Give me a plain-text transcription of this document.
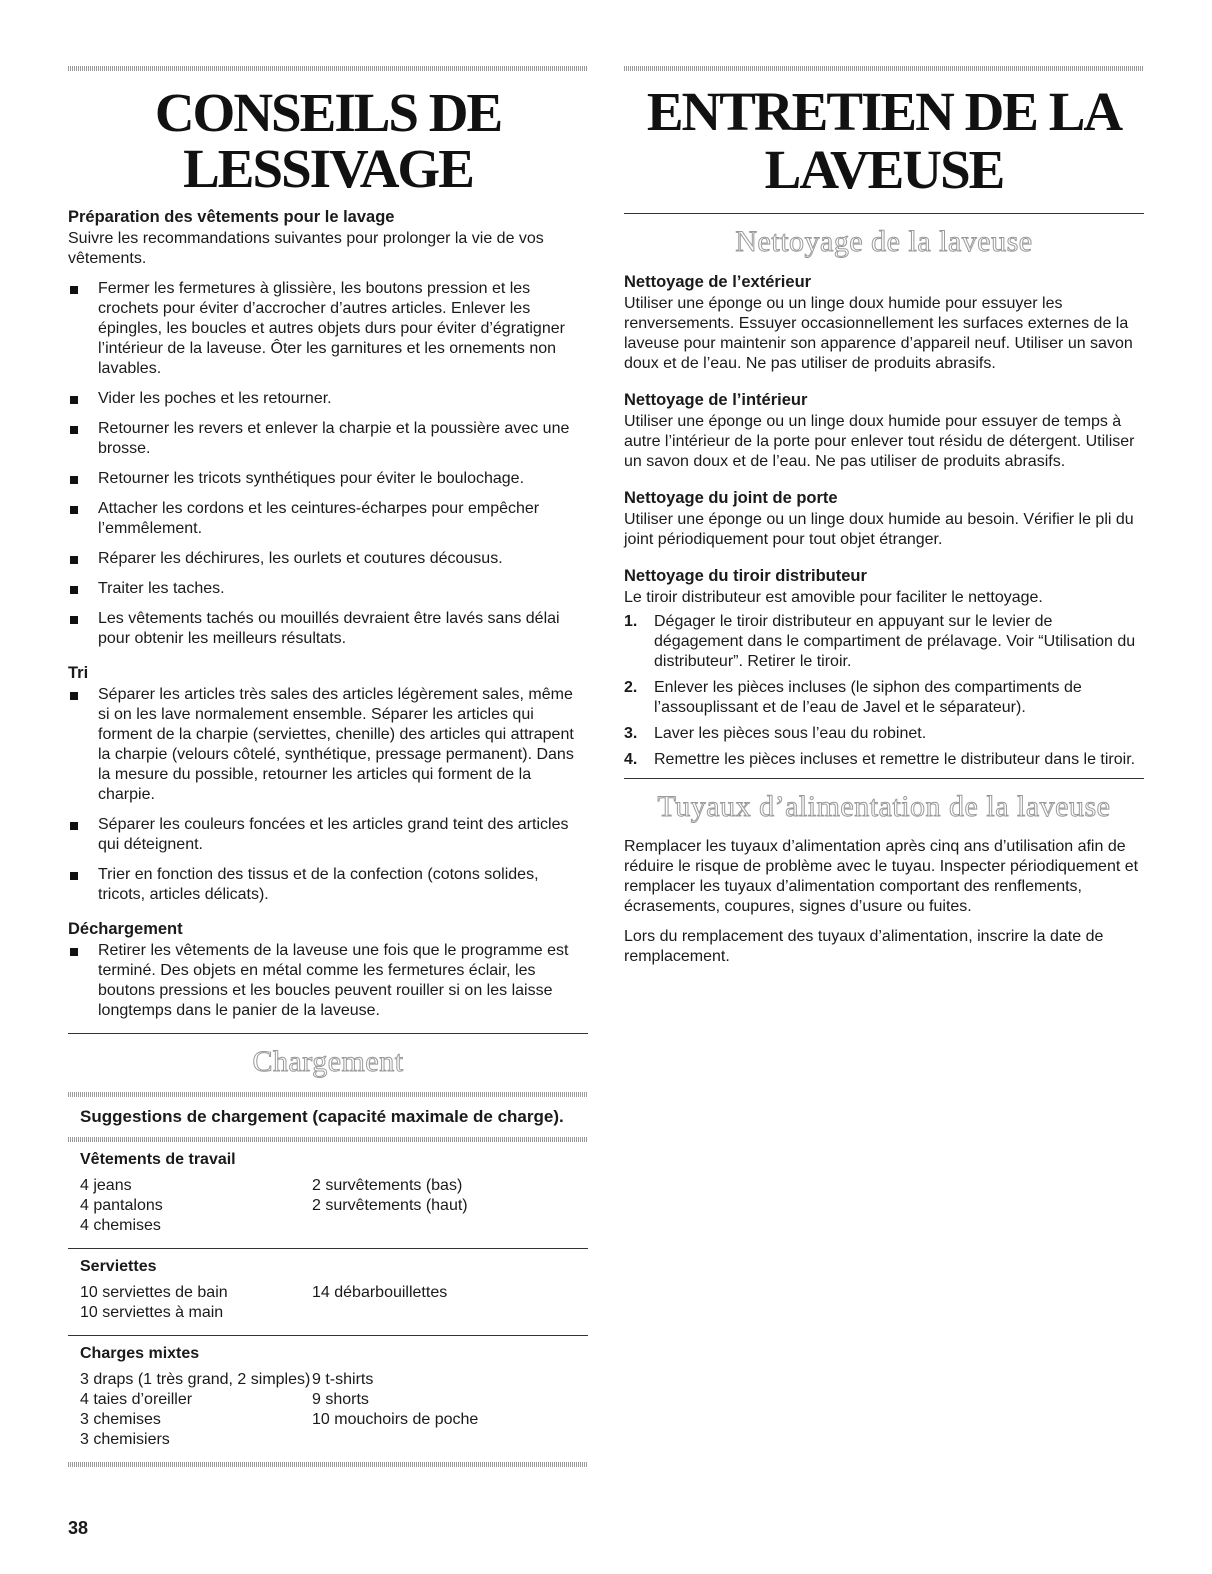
CONSEILS DE LESSIVAGE
Préparation des vêtements pour le lavage

Suivre les recommandations suivantes pour prolonger la vie de vos vêtements.

Fermer les fermetures à glissière, les boutons pression et les crochets pour éviter d’accrocher d’autres articles. Enlever les épingles, les boucles et autres objets durs pour éviter d’égratigner l’intérieur de la laveuse. Ôter les garnitures et les ornements non lavables.
Vider les poches et les retourner.
Retourner les revers et enlever la charpie et la poussière avec une brosse.
Retourner les tricots synthétiques pour éviter le boulochage.
Attacher les cordons et les ceintures-écharpes pour empêcher l’emmêlement.
Réparer les déchirures, les ourlets et coutures décousus.
Traiter les taches.
Les vêtements tachés ou mouillés devraient être lavés sans délai pour obtenir les meilleurs résultats.
Tri
Séparer les articles très sales des articles légèrement sales, même si on les lave normalement ensemble. Séparer les articles qui forment de la charpie (serviettes, chenille) des articles qui attrapent la charpie (velours côtelé, synthétique, pressage permanent). Dans la mesure du possible, retourner les articles qui forment de la charpie.
Séparer les couleurs foncées et les articles grand teint des articles qui déteignent.
Trier en fonction des tissus et de la confection (cotons solides, tricots, articles délicats).
Déchargement
Retirer les vêtements de la laveuse une fois que le programme est terminé. Des objets en métal comme les fermetures éclair, les boutons pressions et les boucles peuvent rouiller si on les laisse longtemps dans le panier de la laveuse.
Chargement
Suggestions de chargement (capacité maximale de charge).
Vêtements de travail
4 jeans
4 pantalons
4 chemises
2 survêtements (bas)
2 survêtements (haut)
Serviettes
10 serviettes de bain
10 serviettes à main
14 débarbouillettes
Charges mixtes
3 draps (1 très grand, 2 simples)
4 taies d’oreiller
3 chemises
3 chemisiers
9 t-shirts
9 shorts
10 mouchoirs de poche
ENTRETIEN DE LA
LAVEUSE
Nettoyage de la laveuse
Nettoyage de l’extérieur

Utiliser une éponge ou un linge doux humide pour essuyer les renversements. Essuyer occasionnellement les surfaces externes de la laveuse pour maintenir son apparence d’appareil neuf. Utiliser un savon doux et de l’eau. Ne pas utiliser de produits abrasifs.

Nettoyage de l’intérieur

Utiliser une éponge ou un linge doux humide pour essuyer de temps à autre l’intérieur de la porte pour enlever tout résidu de détergent. Utiliser un savon doux et de l’eau. Ne pas utiliser de produits abrasifs.

Nettoyage du joint de porte

Utiliser une éponge ou un linge doux humide au besoin. Vérifier le pli du joint périodiquement pour tout objet étranger.

Nettoyage du tiroir distributeur

Le tiroir distributeur est amovible pour faciliter le nettoyage.

1. Dégager le tiroir distributeur en appuyant sur le levier de dégagement dans le compartiment de prélavage. Voir “Utilisation du distributeur”. Retirer le tiroir.
2. Enlever les pièces incluses (le siphon des compartiments de l’assouplissant et de l’eau de Javel et le séparateur).
3. Laver les pièces sous l’eau du robinet.
4. Remettre les pièces incluses et remettre le distributeur dans le tiroir.
Tuyaux d’alimentation de la laveuse

Remplacer les tuyaux d’alimentation après cinq ans d’utilisation afin de réduire le risque de problème avec le tuyau. Inspecter périodiquement et remplacer les tuyaux d’alimentation comportant des renflements, écrasements, coupures, signes d’usure ou fuites.

Lors du remplacement des tuyaux d’alimentation, inscrire la date de remplacement.

38
